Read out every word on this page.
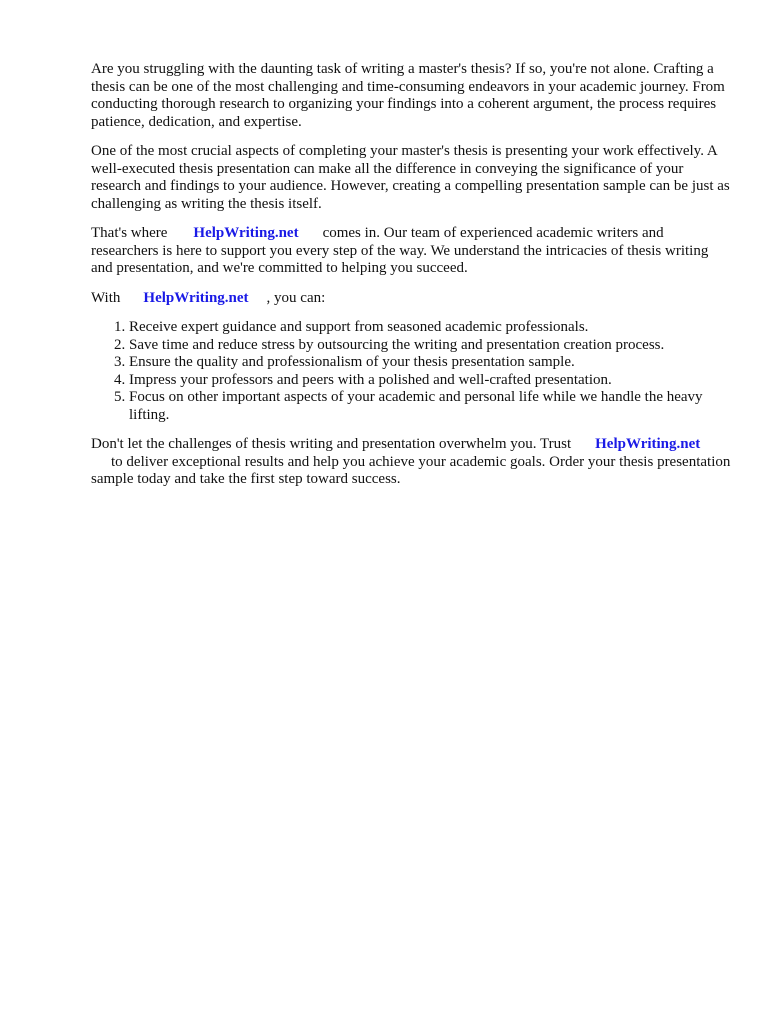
Are you struggling with the daunting task of writing a master's thesis? If so, you're not alone. Crafting a thesis can be one of the most challenging and time-consuming endeavors in your academic journey. From conducting thorough research to organizing your findings into a coherent argument, the process requires patience, dedication, and expertise.

One of the most crucial aspects of completing your master's thesis is presenting your work effectively. A well-executed thesis presentation can make all the difference in conveying the significance of your research and findings to your audience. However, creating a compelling presentation sample can be just as challenging as writing the thesis itself.

That's where HelpWriting.net comes in. Our team of experienced academic writers and researchers is here to support you every step of the way. We understand the intricacies of thesis writing and presentation, and we're committed to helping you succeed.

With HelpWriting.net , you can:

1. Receive expert guidance and support from seasoned academic professionals.
2. Save time and reduce stress by outsourcing the writing and presentation creation process.
3. Ensure the quality and professionalism of your thesis presentation sample.
4. Impress your professors and peers with a polished and well-crafted presentation.
5. Focus on other important aspects of your academic and personal life while we handle the heavy lifting.

Don't let the challenges of thesis writing and presentation overwhelm you. Trust HelpWriting.net
to deliver exceptional results and help you achieve your academic goals. Order your thesis presentation sample today and take the first step toward success.
